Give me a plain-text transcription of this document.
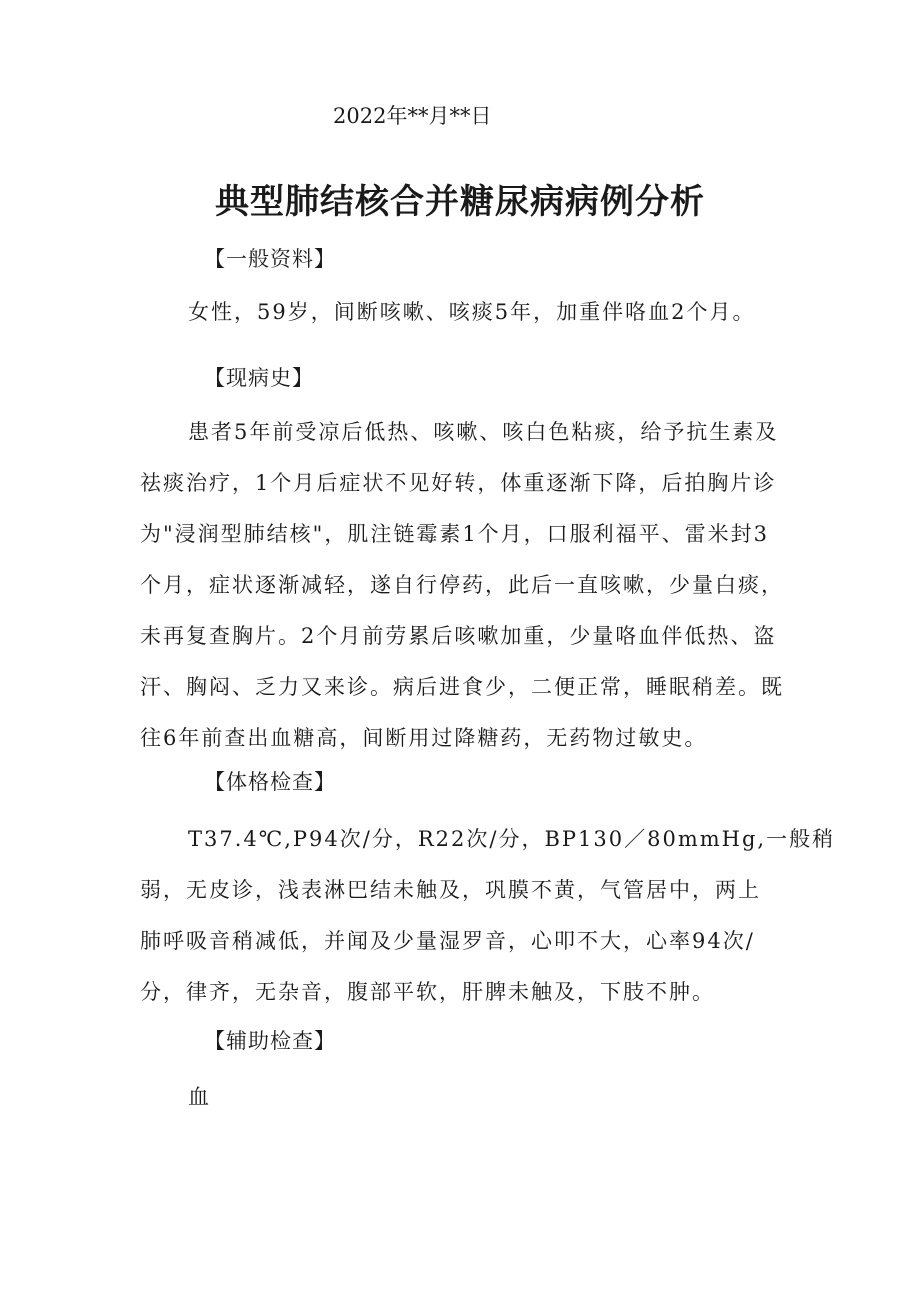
2022年**月**日
典型肺结核合并糖尿病病例分析
【一般资料】
女性，59岁，间断咳嗽、咳痰5年，加重伴咯血2个月。
【现病史】
患者5年前受凉后低热、咳嗽、咳白色粘痰，给予抗生素及
祛痰治疗，1个月后症状不见好转，体重逐渐下降，后拍胸片诊
为"浸润型肺结核"，肌注链霉素1个月，口服利福平、雷米封3
个月，症状逐渐减轻，遂自行停药，此后一直咳嗽，少量白痰，
未再复查胸片。2个月前劳累后咳嗽加重，少量咯血伴低热、盗
汗、胸闷、乏力又来诊。病后进食少，二便正常，睡眠稍差。既
往6年前查出血糖高，间断用过降糖药，无药物过敏史。
【体格检查】
T37.4℃,P94次/分，R22次/分，BP130／80mmHg,一般稍
弱，无皮诊，浅表淋巴结未触及，巩膜不黄，气管居中，两上
肺呼吸音稍减低，并闻及少量湿罗音，心叩不大，心率94次/
分，律齐，无杂音，腹部平软，肝脾未触及，下肢不肿。
【辅助检查】
血
